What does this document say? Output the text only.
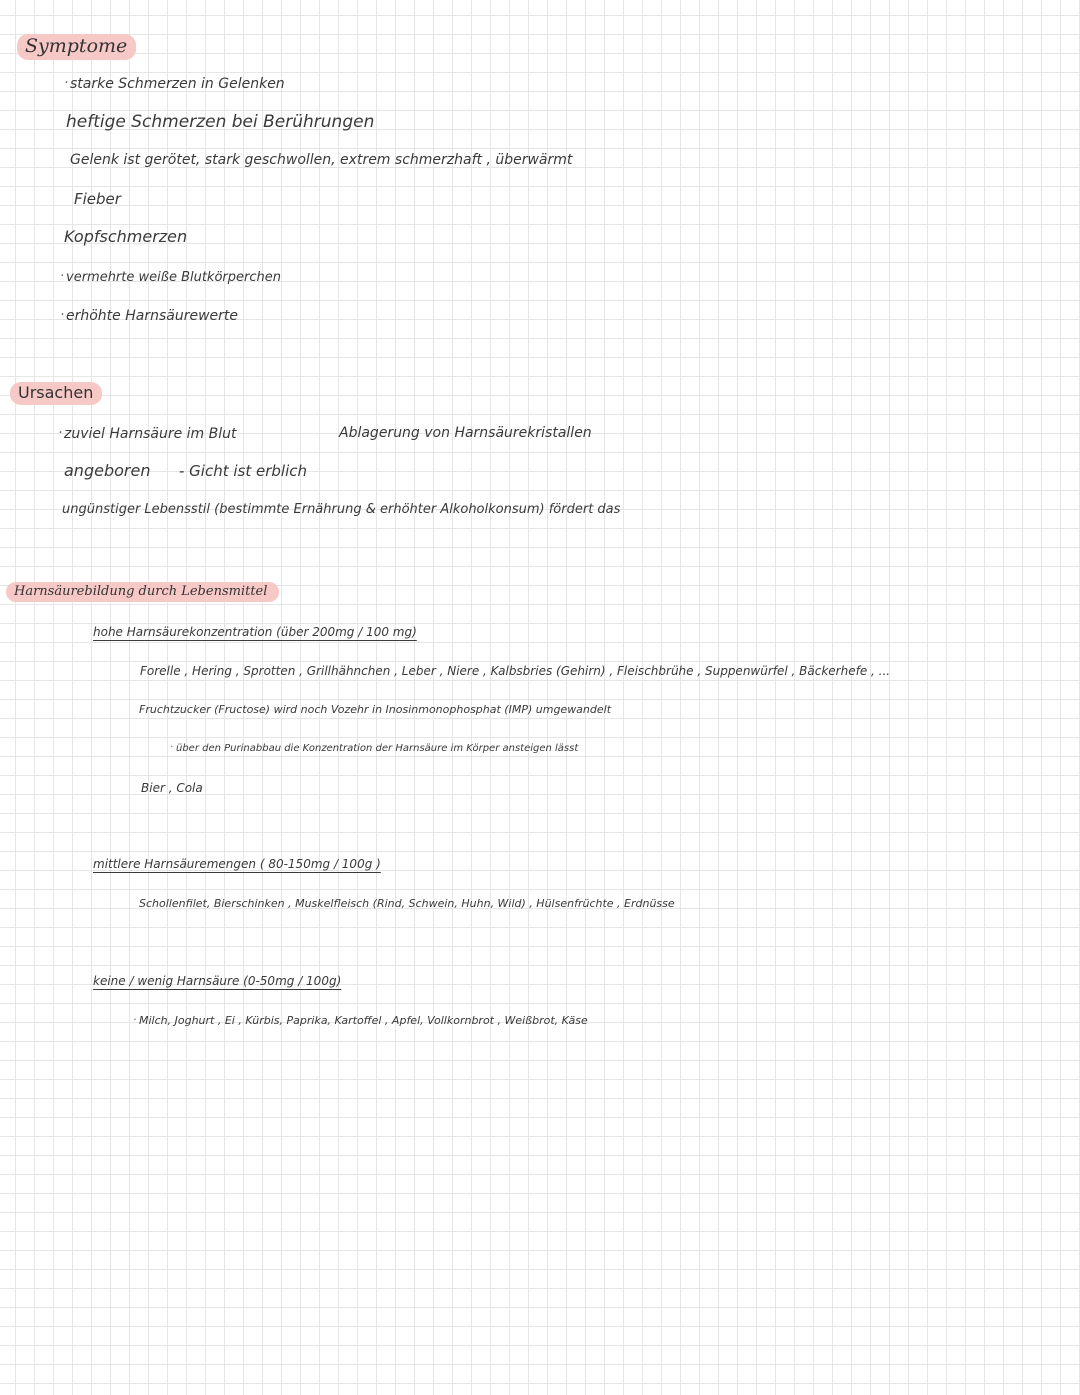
Symptome
· starke Schmerzen in Gelenken
heftige Schmerzen bei Berührungen
Gelenk ist gerötet, stark geschwollen, extrem schmerzhaft , überwärmt
Fieber
Kopfschmerzen
· vermehrte weiße Blutkörperchen
· erhöhte Harnsäurewerte
Ursachen
· zuviel Harnsäure im Blut	Ablagerung von Harnsäurekristallen
angeboren - Gicht ist erblich
ungünstiger Lebensstil (bestimmte Ernährung & erhöhter Alkoholkonsum) fördert das
Harnsäurebildung durch Lebensmittel
hohe Harnsäurekonzentration (über 200mg / 100 mg)
Forelle , Hering , Sprotten , Grillhähnchen , Leber , Niere , Kalbsbries (Gehirn) , Fleischbrühe , Suppenwürfel , Bäckerhefe , ...
Fruchtzucker (Fructose) wird noch Vozehr in Inosinmonophosphat (IMP) umgewandelt
· über den Purinabbau die Konzentration der Harnsäure im Körper ansteigen lässt
Bier , Cola
mittlere Harnsäuremengen ( 80-150mg / 100g )
Schollenfilet, Bierschinken , Muskelfleisch (Rind, Schwein, Huhn, Wild) , Hülsenfrüchte , Erdnüsse
keine / wenig Harnsäure (0-50mg / 100g)
· Milch, Joghurt , Ei , Kürbis, Paprika, Kartoffel , Apfel, Vollkornbrot , Weißbrot, Käse
